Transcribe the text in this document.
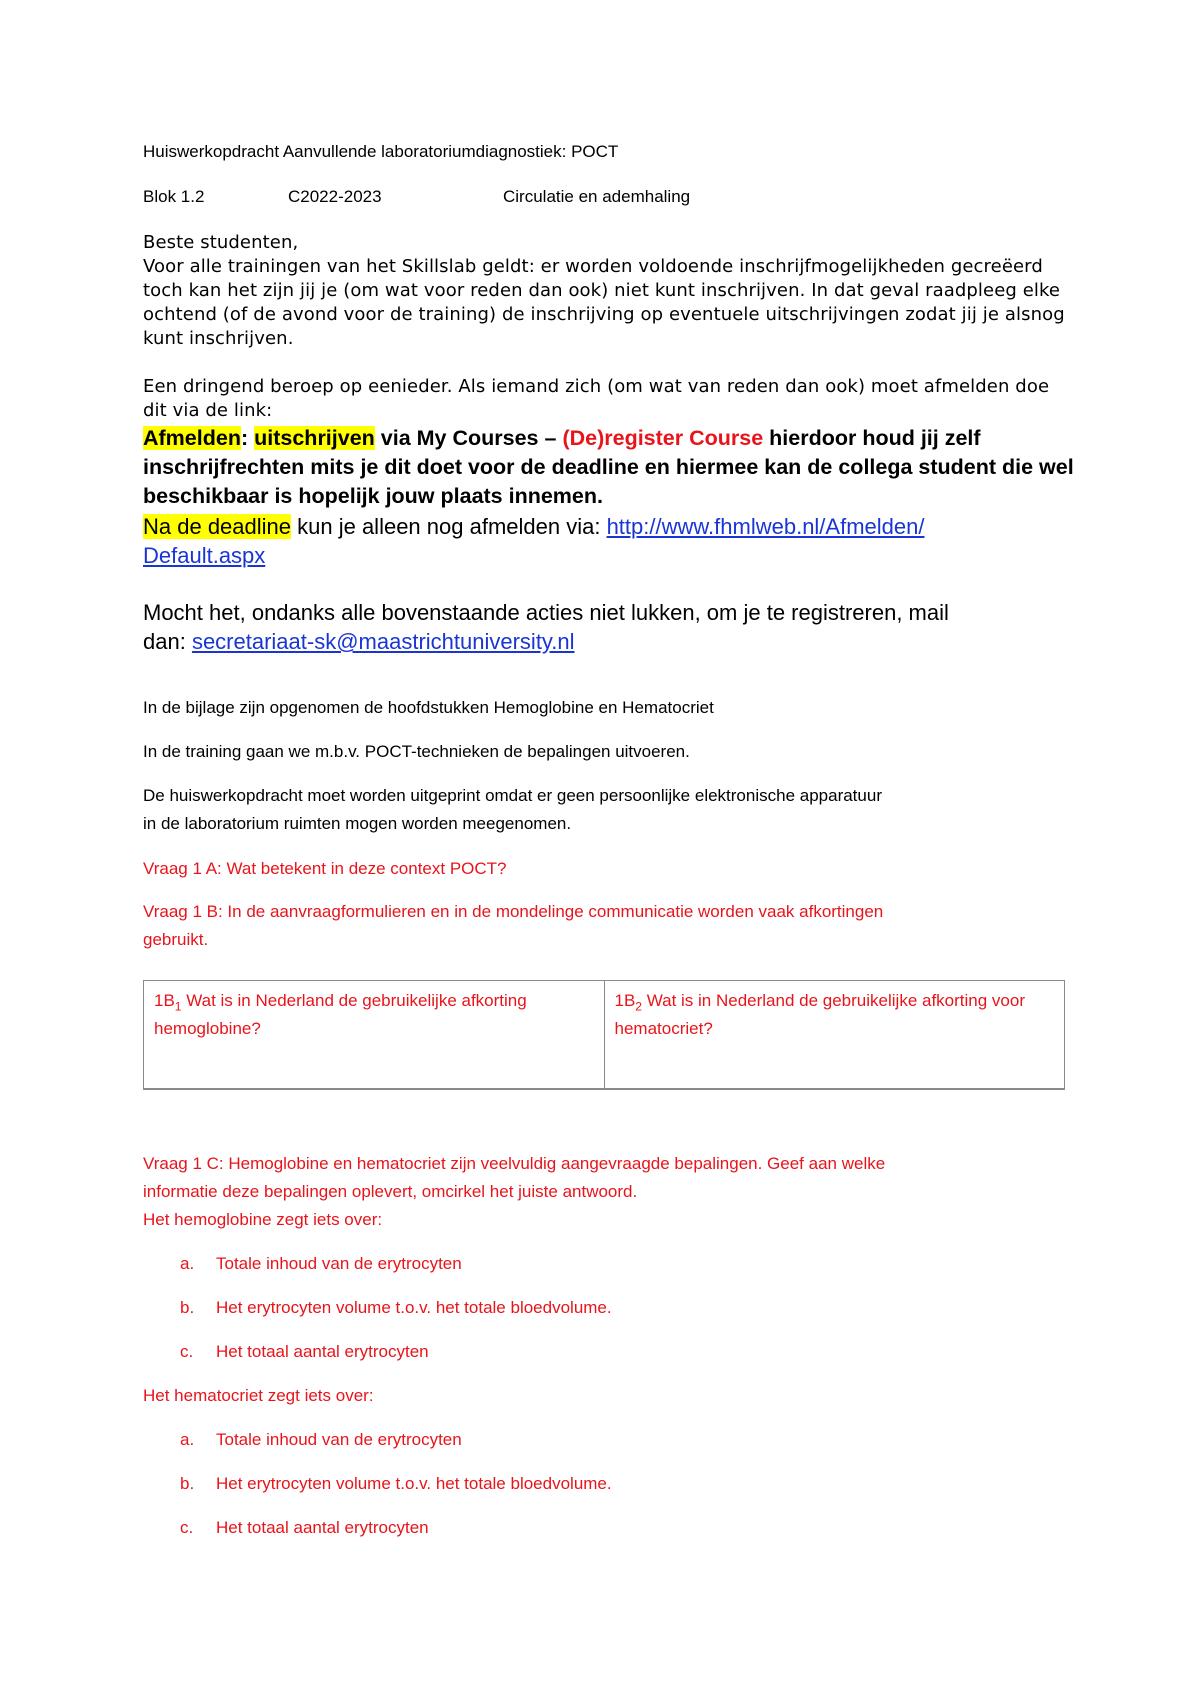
Huiswerkopdracht Aanvullende laboratoriumdiagnostiek: POCT

Blok 1.2	C2022-2023	Circulatie en ademhaling

Beste studenten,

Voor alle trainingen van het Skillslab geldt: er worden voldoende inschrijfmogelijkheden gecreëerd toch kan het zijn jij je (om wat voor reden dan ook) niet kunt inschrijven. In dat geval raadpleeg elke ochtend (of de avond voor de training) de inschrijving op eventuele uitschrijvingen zodat jij je alsnog kunt inschrijven.

Een dringend beroep op eenieder. Als iemand zich (om wat van reden dan ook) moet afmelden doe dit via de link:

Afmelden: uitschrijven via My Courses – (De)register Course hierdoor houd jij zelf inschrijfrechten mits je dit doet voor de deadline en hiermee kan de collega student die wel beschikbaar is hopelijk jouw plaats innemen.

Na de deadline kun je alleen nog afmelden via: http://www.fhmlweb.nl/Afmelden/
Default.aspx

Mocht het, ondanks alle bovenstaande acties niet lukken, om je te registreren, mail
dan: secretariaat-sk@maastrichtuniversity.nl

In de bijlage zijn opgenomen de hoofdstukken Hemoglobine en Hematocriet

In de training gaan we m.b.v. POCT-technieken de bepalingen uitvoeren.

De huiswerkopdracht moet worden uitgeprint omdat er geen persoonlijke elektronische apparatuur

in de laboratorium ruimten mogen worden meegenomen.

Vraag 1 A: Wat betekent in deze context POCT?

Vraag 1 B: In de aanvraagformulieren en in de mondelinge communicatie worden vaak afkortingen

gebruikt.

$1B_1$ Wat is in Nederland de gebruikelijke afkorting hemoglobine?	$1B_2$ Wat is in Nederland de gebruikelijke afkorting voor hematocriet?

Vraag 1 C: Hemoglobine en hematocriet zijn veelvuldig aangevraagde bepalingen. Geef aan welke

informatie deze bepalingen oplevert, omcirkel het juiste antwoord.

Het hemoglobine zegt iets over:

a. Totale inhoud van de erytrocyten

b. Het erytrocyten volume t.o.v. het totale bloedvolume.

c. Het totaal aantal erytrocyten

Het hematocriet zegt iets over:

a. Totale inhoud van de erytrocyten

b. Het erytrocyten volume t.o.v. het totale bloedvolume.

c. Het totaal aantal erytrocyten
